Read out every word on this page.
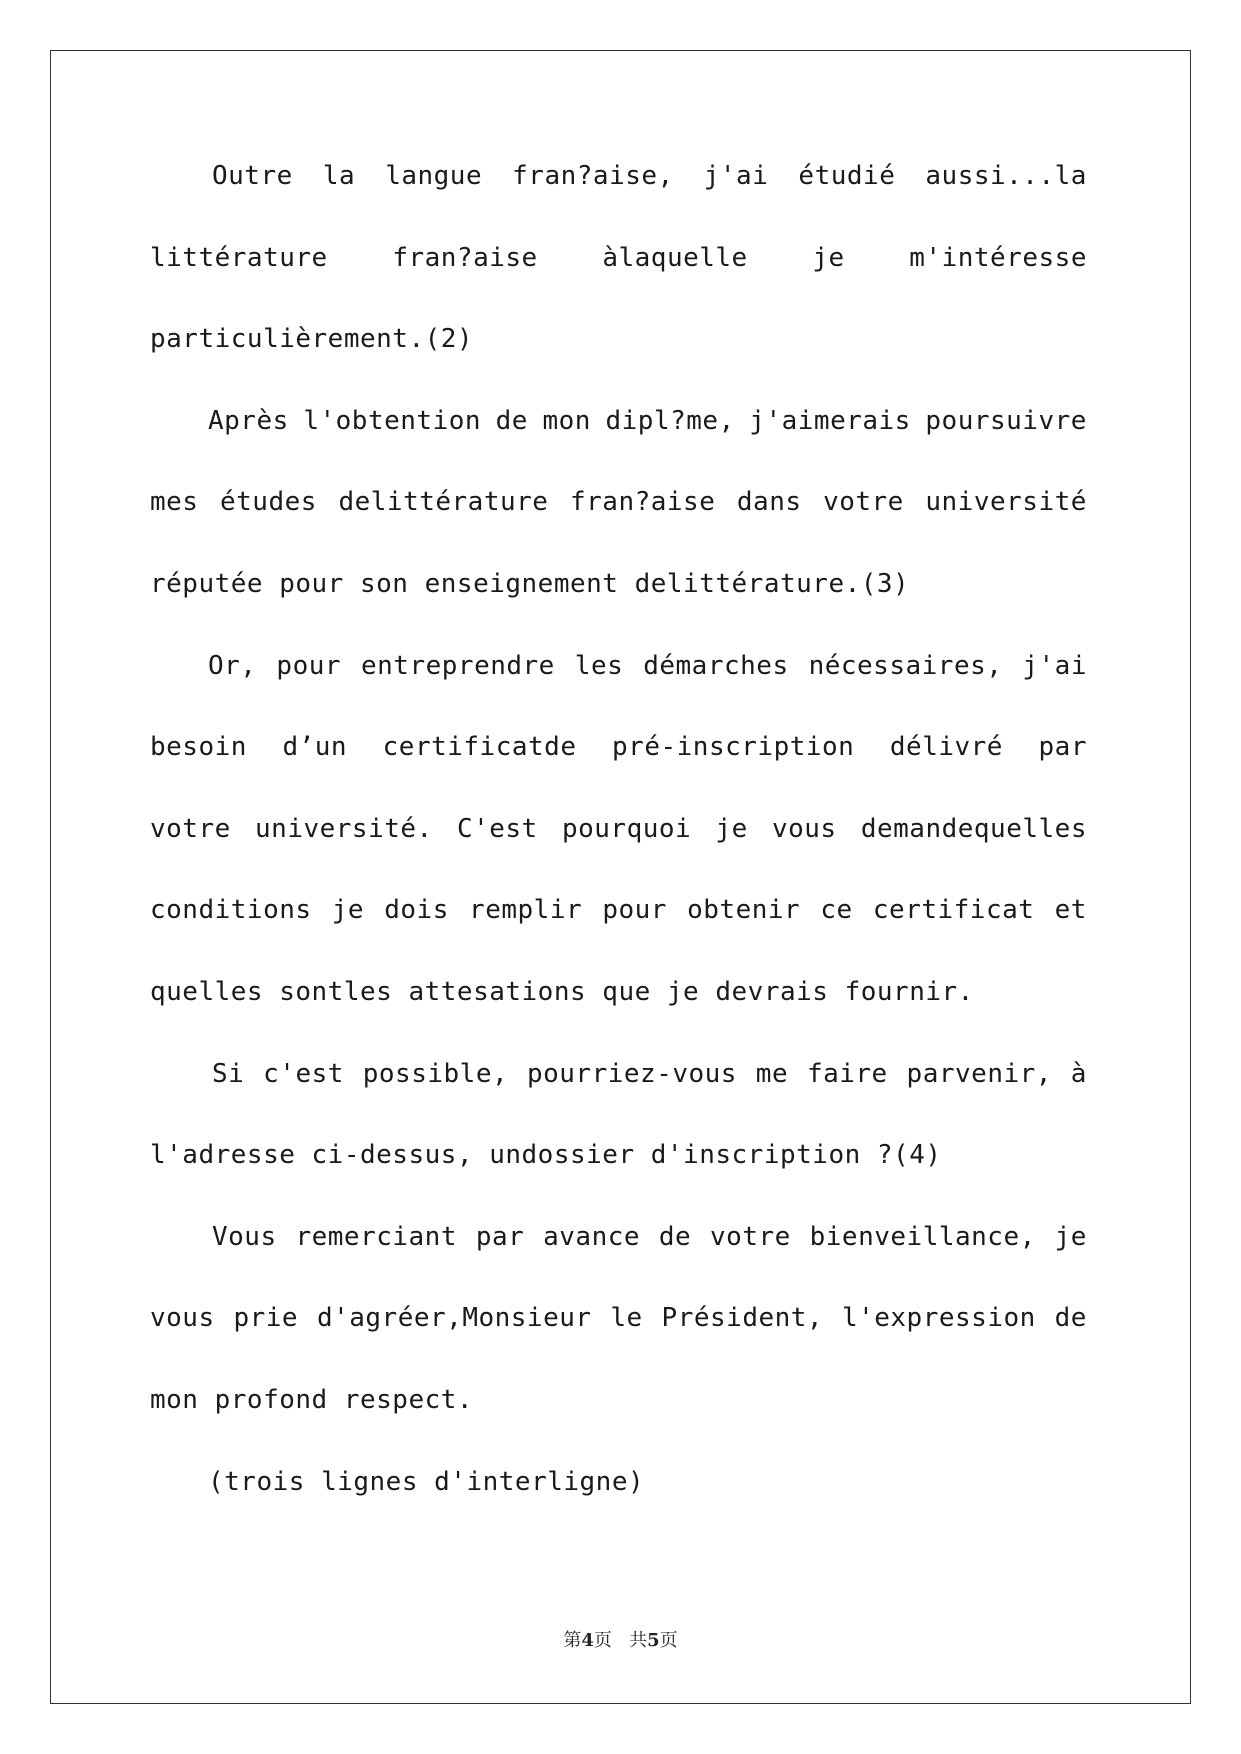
Outre la langue fran?aise, j'ai étudié aussi...la
littérature fran?aise àlaquelle je m'intéresse
particulièrement.(2)
Après l'obtention de mon dipl?me, j'aimerais poursuivre
mes études delittérature fran?aise dans votre université
réputée pour son enseignement delittérature.(3)
Or, pour entreprendre les démarches nécessaires, j'ai
besoin d’un certificatde pré-inscription délivré par
votre université. C'est pourquoi je vous demandequelles
conditions je dois remplir pour obtenir ce certificat et
quelles sontles attesations que je devrais fournir.
Si c'est possible, pourriez-vous me faire parvenir, à
l'adresse ci-dessus, undossier d'inscription ?(4)
Vous remerciant par avance de votre bienveillance, je
vous prie d'agréer,Monsieur le Président, l'expression de
mon profond respect.
(trois lignes d'interligne)
第4页   共5页
